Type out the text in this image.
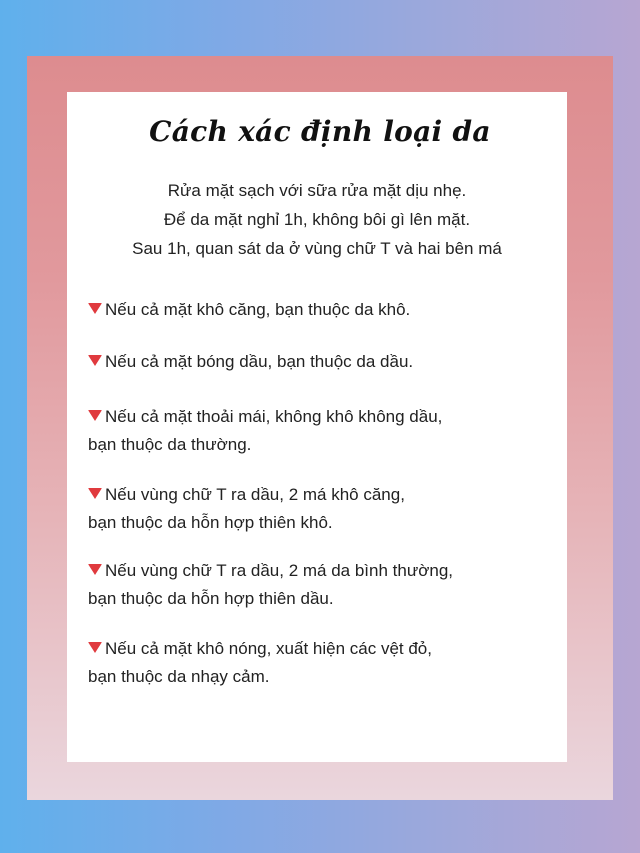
Cách xác định loại da
Rửa mặt sạch với sữa rửa mặt dịu nhẹ.
Để da mặt nghỉ 1h, không bôi gì lên mặt.
Sau 1h, quan sát da ở vùng chữ T và hai bên má
Nếu cả mặt khô căng, bạn thuộc da khô.
Nếu cả mặt bóng dầu, bạn thuộc da dầu.
Nếu cả mặt thoải mái, không khô không dầu,
bạn thuộc da thường.
Nếu vùng chữ T ra dầu, 2 má khô căng,
bạn thuộc da hỗn hợp thiên khô.
Nếu vùng chữ T ra dầu, 2 má da bình thường,
bạn thuộc da hỗn hợp thiên dầu.
Nếu cả mặt khô nóng, xuất hiện các vệt đỏ,
bạn thuộc da nhạy cảm.
